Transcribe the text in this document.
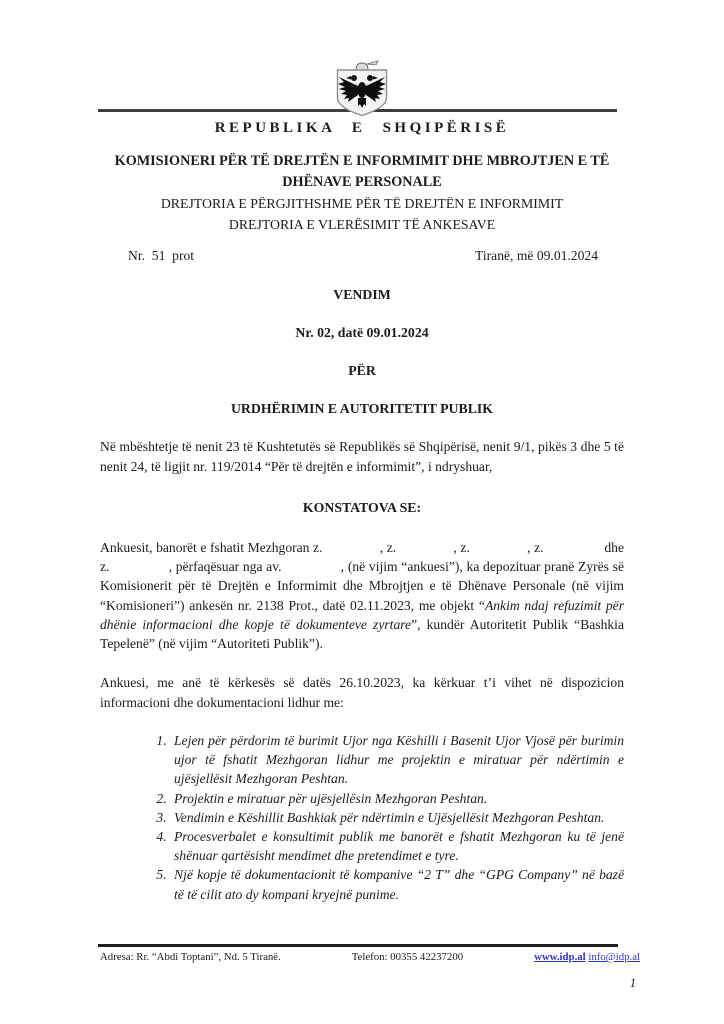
REPUBLIKA E SHQIPËRISË
KOMISIONERI PËR TË DREJTËN E INFORMIMIT DHE MBROJTJEN E TË
DHËNAVE PERSONALE
DREJTORIA E PËRGJITHSHME PËR TË DREJTËN E INFORMIMIT
DREJTORIA E VLERËSIMIT TË ANKESAVE
Nr.  51  prot	Tiranë, më 09.01.2024
VENDIM
Nr. 02, datë 09.01.2024
PËR
URDHËRIMIN E AUTORITETIT PUBLIK
Në mbështetje të nenit 23 të Kushtetutës së Republikës së Shqipërisë, nenit 9/1, pikës 3 dhe 5 të nenit 24, të ligjit nr. 119/2014 “Për të drejtën e informimit”, i ndryshuar,
KONSTATOVA SE:
Ankuesit, banorët e fshatit Mezhgoran z.                , z.                , z.                , z.                 dhe z.                , përfaqësuar nga av.                , (në vijim “ankuesi”), ka depozituar pranë Zyrës së Komisionerit për të Drejtën e Informimit dhe Mbrojtjen e të Dhënave Personale (në vijim “Komisioneri”) ankesën nr. 2138 Prot., datë 02.11.2023, me objekt “Ankim ndaj refuzimit për dhënie informacioni dhe kopje të dokumenteve zyrtare”, kundër Autoritetit Publik “Bashkia Tepelenë” (në vijim “Autoriteti Publik”).
Ankuesi, me anë të kërkesës së datës 26.10.2023, ka kërkuar t’i vihet në dispozicion informacioni dhe dokumentacioni lidhur me:
1. Lejen për përdorim të burimit Ujor nga Këshilli i Basenit Ujor Vjosë për burimin ujor të fshatit Mezhgoran lidhur me projektin e miratuar për ndërtimin e ujësjellësit Mezhgoran Peshtan.
2. Projektin e miratuar për ujësjellësin Mezhgoran Peshtan.
3. Vendimin e Këshillit Bashkiak për ndërtimin e Ujësjellësit Mezhgoran Peshtan.
4. Procesverbalet e konsultimit publik me banorët e fshatit Mezhgoran ku të jenë shënuar qartësisht mendimet dhe pretendimet e tyre.
5. Një kopje të dokumentacionit të kompanive “2 T” dhe “GPG Company” në bazë të të cilit ato dy kompani kryejnë punime.
Adresa: Rr. “Abdi Toptani”, Nd. 5 Tiranë.	Telefon: 00355 42237200	www.idp.al info@idp.al
1
